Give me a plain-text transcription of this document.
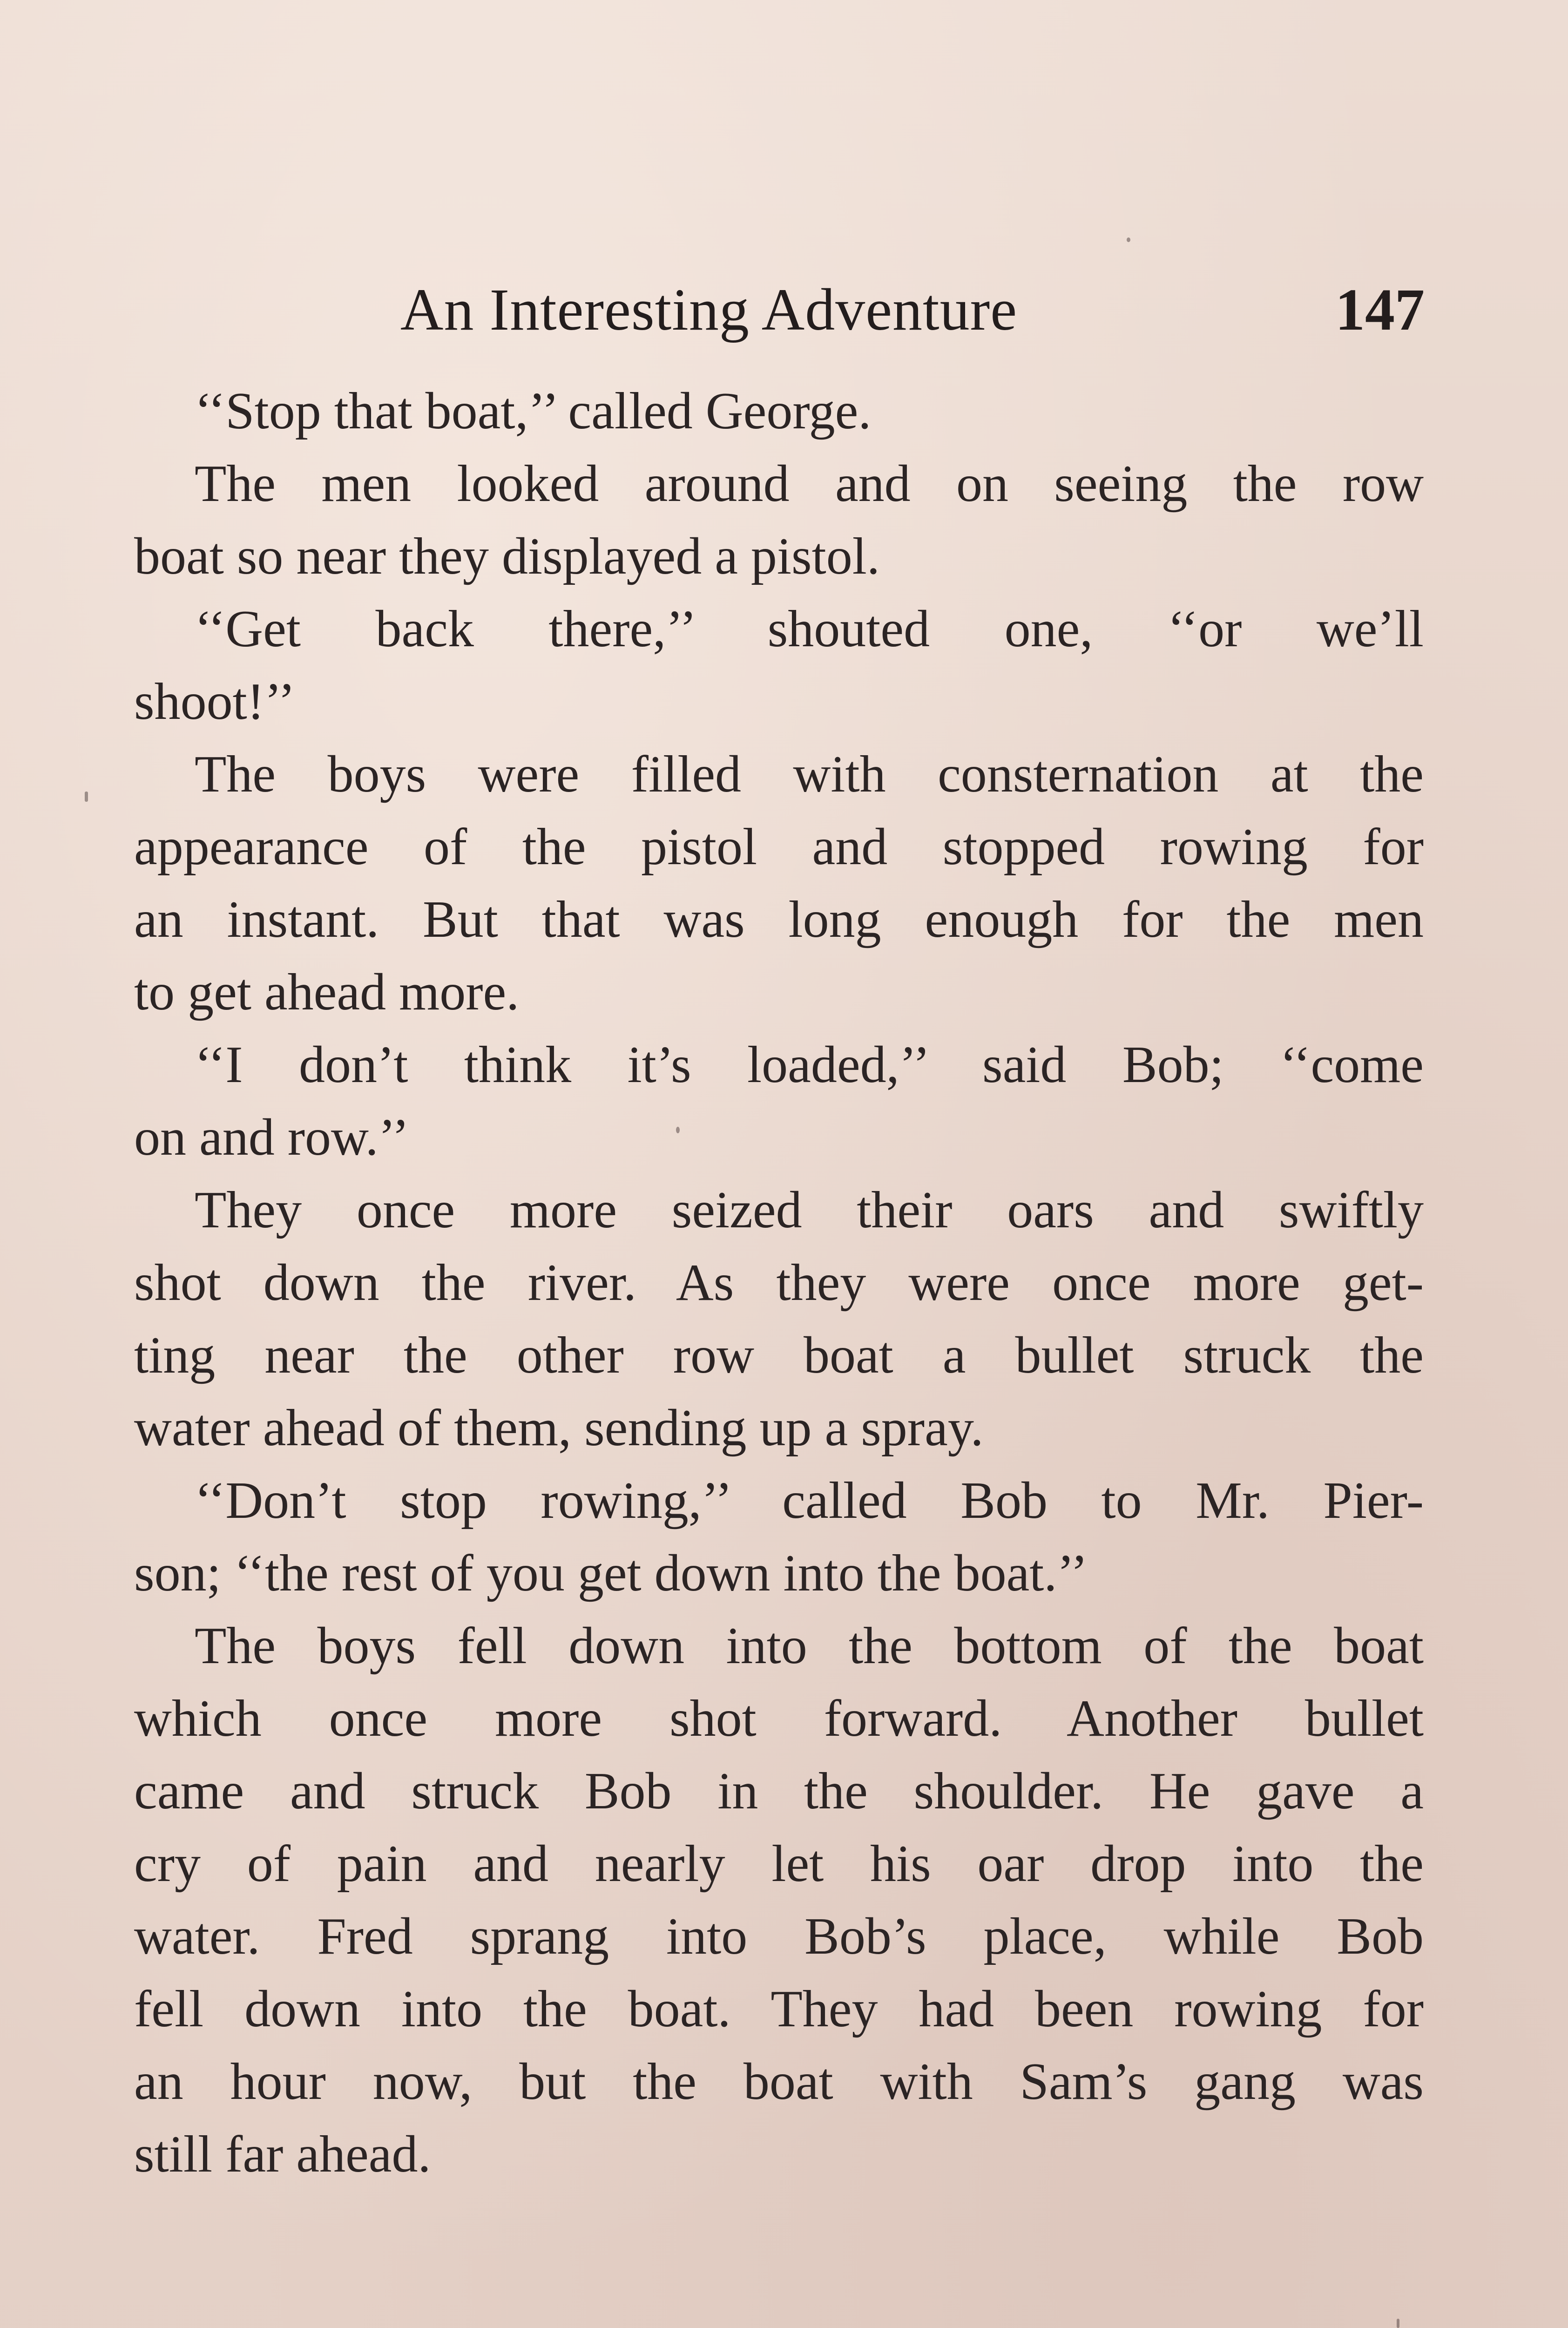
An Interesting Adventure	147
‘‘Stop that boat,’’ called George.
The men looked around and on seeing the row
boat so near they displayed a pistol.
‘‘Get back there,’’ shouted one, ‘‘or we’ll
shoot!’’
The boys were filled with consternation at the
appearance of the pistol and stopped rowing for
an instant. But that was long enough for the men
to get ahead more.
‘‘I don’t think it’s loaded,’’ said Bob; ‘‘come
on and row.’’
They once more seized their oars and swiftly
shot down the river. As they were once more get-
ting near the other row boat a bullet struck the
water ahead of them, sending up a spray.
‘‘Don’t stop rowing,’’ called Bob to Mr. Pier-
son; ‘‘the rest of you get down into the boat.’’
The boys fell down into the bottom of the boat
which once more shot forward. Another bullet
came and struck Bob in the shoulder. He gave a
cry of pain and nearly let his oar drop into the
water. Fred sprang into Bob’s place, while Bob
fell down into the boat. They had been rowing for
an hour now, but the boat with Sam’s gang was
still far ahead.
